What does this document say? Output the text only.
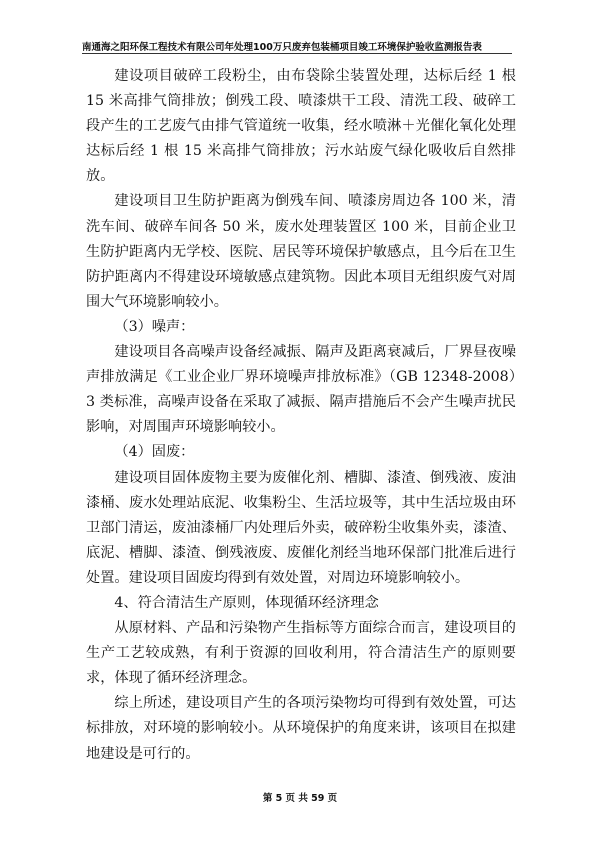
南通海之阳环保工程技术有限公司年处理100万只废弃包装桶项目竣工环境保护验收监测报告表

建设项目破碎工段粉尘，由布袋除尘装置处理，达标后经 1 根 15 米高排气筒排放；倒残工段、喷漆烘干工段、清洗工段、破碎工段产生的工艺废气由排气管道统一收集，经水喷淋＋光催化氧化处理达标后经 1 根 15 米高排气筒排放；污水站废气绿化吸收后自然排放。

建设项目卫生防护距离为倒残车间、喷漆房周边各 100 米，清洗车间、破碎车间各 50 米，废水处理装置区 100 米，目前企业卫生防护距离内无学校、医院、居民等环境保护敏感点，且今后在卫生防护距离内不得建设环境敏感点建筑物。因此本项目无组织废气对周围大气环境影响较小。

（3）噪声：

建设项目各高噪声设备经减振、隔声及距离衰减后，厂界昼夜噪声排放满足《工业企业厂界环境噪声排放标准》（GB 12348-2008）3 类标准，高噪声设备在采取了减振、隔声措施后不会产生噪声扰民影响，对周围声环境影响较小。

（4）固废：

建设项目固体废物主要为废催化剂、槽脚、漆渣、倒残液、废油漆桶、废水处理站底泥、收集粉尘、生活垃圾等，其中生活垃圾由环卫部门清运，废油漆桶厂内处理后外卖，破碎粉尘收集外卖，漆渣、底泥、槽脚、漆渣、倒残液废、废催化剂经当地环保部门批准后进行处置。建设项目固废均得到有效处置，对周边环境影响较小。

4、符合清洁生产原则，体现循环经济理念

从原材料、产品和污染物产生指标等方面综合而言，建设项目的生产工艺较成熟，有利于资源的回收利用，符合清洁生产的原则要求，体现了循环经济理念。

综上所述，建设项目产生的各项污染物均可得到有效处置，可达标排放，对环境的影响较小。从环境保护的角度来讲，该项目在拟建地建设是可行的。

第 5 页 共 59 页
